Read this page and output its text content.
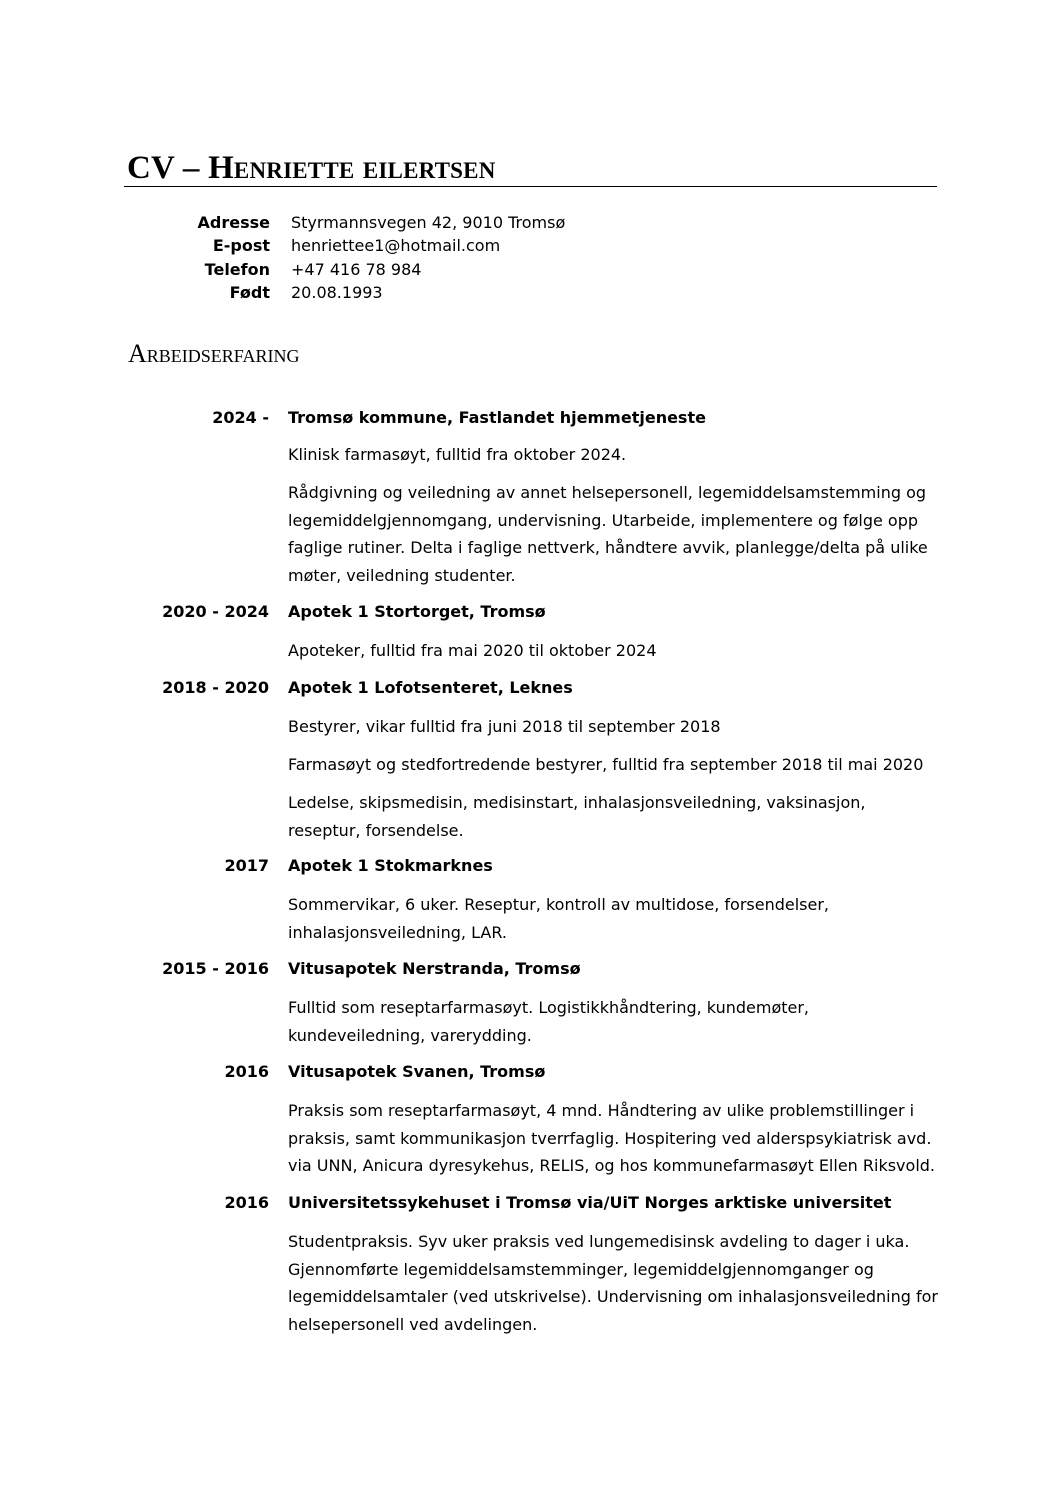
CV – Henriette eilertsen
Adresse Styrmannsvegen 42, 9010 Tromsø
E-post henriettee1@hotmail.com
Telefon +47 416 78 984
Født 20.08.1993
Arbeidserfaring
2024 - Tromsø kommune, Fastlandet hjemmetjeneste
Klinisk farmasøyt, fulltid fra oktober 2024.
Rådgivning og veiledning av annet helsepersonell, legemiddelsamstemming og legemiddelgjennomgang, undervisning. Utarbeide, implementere og følge opp faglige rutiner. Delta i faglige nettverk, håndtere avvik, planlegge/delta på ulike møter, veiledning studenter.
2020 - 2024 Apotek 1 Stortorget, Tromsø
Apoteker, fulltid fra mai 2020 til oktober 2024
2018 - 2020 Apotek 1 Lofotsenteret, Leknes
Bestyrer, vikar fulltid fra juni 2018 til september 2018
Farmasøyt og stedfortredende bestyrer, fulltid fra september 2018 til mai 2020
Ledelse, skipsmedisin, medisinstart, inhalasjonsveiledning, vaksinasjon, reseptur, forsendelse.
2017 Apotek 1 Stokmarknes
Sommervikar, 6 uker. Reseptur, kontroll av multidose, forsendelser, inhalasjonsveiledning, LAR.
2015 - 2016 Vitusapotek Nerstranda, Tromsø
Fulltid som reseptarfarmasøyt. Logistikkhåndtering, kundemøter, kundeveiledning, varerydding.
2016 Vitusapotek Svanen, Tromsø
Praksis som reseptarfarmasøyt, 4 mnd. Håndtering av ulike problemstillinger i praksis, samt kommunikasjon tverrfaglig. Hospitering ved alderspsykiatrisk avd. via UNN, Anicura dyresykehus, RELIS, og hos kommunefarmasøyt Ellen Riksvold.
2016 Universitetssykehuset i Tromsø via/UiT Norges arktiske universitet
Studentpraksis. Syv uker praksis ved lungemedisinsk avdeling to dager i uka. Gjennomførte legemiddelsamstemminger, legemiddelgjennomganger og legemiddelsamtaler (ved utskrivelse). Undervisning om inhalasjonsveiledning for helsepersonell ved avdelingen.
